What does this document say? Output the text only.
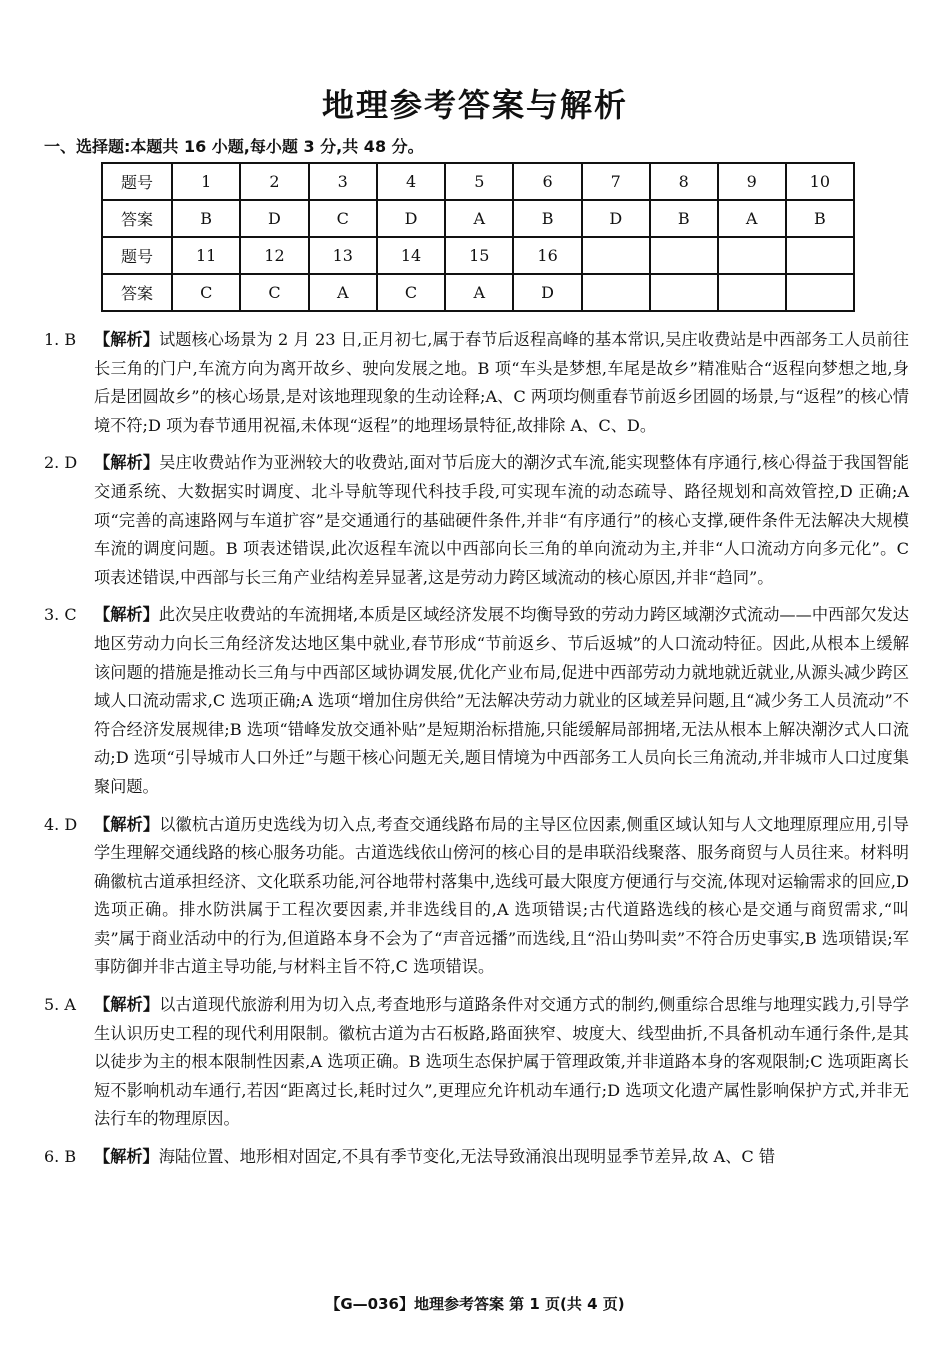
地理参考答案与解析
一、选择题:本题共 16 小题,每小题 3 分,共 48 分。
题号	1	2	3	4	5	6	7	8	9	10
答案	B	D	C	D	A	B	D	B	A	B
题号	11	12	13	14	15	16				
答案	C	C	A	C	A	D				
1. B	【解析】试题核心场景为 2 月 23 日,正月初七,属于春节后返程高峰的基本常识,吴庄收费站是中西部务工人员前往长三角的门户,车流方向为离开故乡、驶向发展之地。B 项“车头是梦想,车尾是故乡”精准贴合“返程向梦想之地,身后是团圆故乡”的核心场景,是对该地理现象的生动诠释;A、C 两项均侧重春节前返乡团圆的场景,与“返程”的核心情境不符;D 项为春节通用祝福,未体现“返程”的地理场景特征,故排除 A、C、D。
2. D	【解析】吴庄收费站作为亚洲较大的收费站,面对节后庞大的潮汐式车流,能实现整体有序通行,核心得益于我国智能交通系统、大数据实时调度、北斗导航等现代科技手段,可实现车流的动态疏导、路径规划和高效管控,D 正确;A 项“完善的高速路网与车道扩容”是交通通行的基础硬件条件,并非“有序通行”的核心支撑,硬件条件无法解决大规模车流的调度问题。B 项表述错误,此次返程车流以中西部向长三角的单向流动为主,并非“人口流动方向多元化”。C 项表述错误,中西部与长三角产业结构差异显著,这是劳动力跨区域流动的核心原因,并非“趋同”。
3. C	【解析】此次吴庄收费站的车流拥堵,本质是区域经济发展不均衡导致的劳动力跨区域潮汐式流动——中西部欠发达地区劳动力向长三角经济发达地区集中就业,春节形成“节前返乡、节后返城”的人口流动特征。因此,从根本上缓解该问题的措施是推动长三角与中西部区域协调发展,优化产业布局,促进中西部劳动力就地就近就业,从源头减少跨区域人口流动需求,C 选项正确;A 选项“增加住房供给”无法解决劳动力就业的区域差异问题,且“减少务工人员流动”不符合经济发展规律;B 选项“错峰发放交通补贴”是短期治标措施,只能缓解局部拥堵,无法从根本上解决潮汐式人口流动;D 选项“引导城市人口外迁”与题干核心问题无关,题目情境为中西部务工人员向长三角流动,并非城市人口过度集聚问题。
4. D	【解析】以徽杭古道历史选线为切入点,考查交通线路布局的主导区位因素,侧重区域认知与人文地理原理应用,引导学生理解交通线路的核心服务功能。古道选线依山傍河的核心目的是串联沿线聚落、服务商贸与人员往来。材料明确徽杭古道承担经济、文化联系功能,河谷地带村落集中,选线可最大限度方便通行与交流,体现对运输需求的回应,D 选项正确。排水防洪属于工程次要因素,并非选线目的,A 选项错误;古代道路选线的核心是交通与商贸需求,“叫卖”属于商业活动中的行为,但道路本身不会为了“声音远播”而选线,且“沿山势叫卖”不符合历史事实,B 选项错误;军事防御并非古道主导功能,与材料主旨不符,C 选项错误。
5. A	【解析】以古道现代旅游利用为切入点,考查地形与道路条件对交通方式的制约,侧重综合思维与地理实践力,引导学生认识历史工程的现代利用限制。徽杭古道为古石板路,路面狭窄、坡度大、线型曲折,不具备机动车通行条件,是其以徒步为主的根本限制性因素,A 选项正确。B 选项生态保护属于管理政策,并非道路本身的客观限制;C 选项距离长短不影响机动车通行,若因“距离过长,耗时过久”,更理应允许机动车通行;D 选项文化遗产属性影响保护方式,并非无法行车的物理原因。
6. B	【解析】海陆位置、地形相对固定,不具有季节变化,无法导致涌浪出现明显季节差异,故 A、C 错
【G—036】地理参考答案 第 1 页(共 4 页)
